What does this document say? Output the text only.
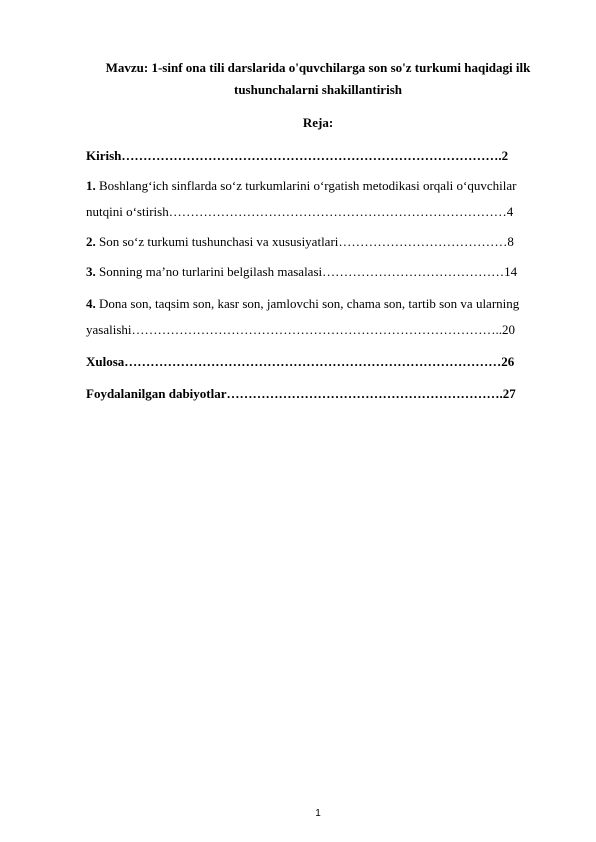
Mavzu: 1-sinf ona tili darslarida o'quvchilarga son so'z turkumi haqidagi ilk
tushunchalarni shakillantirish
Reja:
Kirish…………………………………………………………………………….2
1. Boshlang‘ich sinflarda so‘z turkumlarini o‘rgatish metodikasi orqali o‘quvchilar
nutqini o‘stirish……………………………………………………………………4
2. Son so‘z turkumi tushunchasi va xususiyatlari…………………………………8
3. Sonning ma’no turlarini belgilash masalasi……………………………………14
4. Dona son, taqsim son, kasr son, jamlovchi son, chama son, tartib son va ularning
yasalishi…………………………………………………………………………..20
Xulosa……………………………………………………………………………26
Foydalanilgan dabiyotlar……………………………………………………….27
1
